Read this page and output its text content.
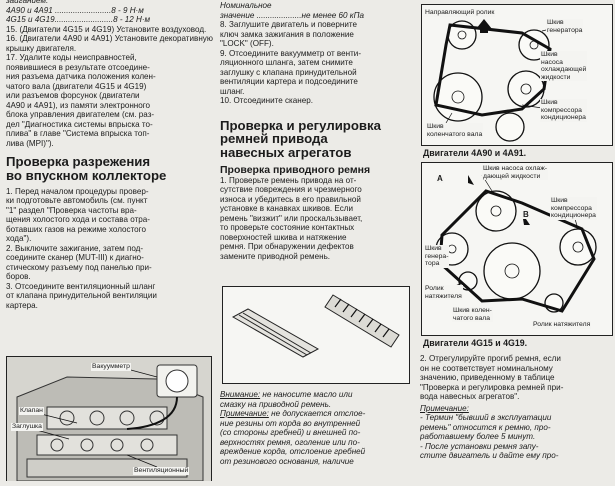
заиганием.
4А90 и 4А91 .........................8 - 9 Н·м
4G15 и 4G19..........................8 - 12 Н·м
15. (Двигатели 4G15 и 4G19) Установите воздуховод.
16. (Двигатели 4А90 и 4А91) Установите декоративную крышку двигателя.
17. Удалите коды неисправностей,
появившиеся в результате отсоедине-
ния разъема датчика положения колен-
чатого вала (двигатели 4G15 и 4G19)
или разъемов форсунок (двигатели
4А90 и 4А91), из памяти электронного
блока управления двигателем (см. раз-
дел "Диагностика системы впрыска то-
плива" в главе "Система впрыска топ-
лива (MPI)").
Проверка разрежения
во впускном коллекторе
1. Перед началом процедуры провер-
ки подготовьте автомобиль (см. пункт
"1" раздел "Проверка частоты вра-
щения холостого хода и состава отра-
ботавших газов на режиме холостого
хода").
2. Выключите зажигание, затем под-
соедините сканер (MUT-III) к диагно-
стическому разъему под панелью при-
боров.
3. Отсоедините вентиляционный шланг
от клапана принудительной вентиляции
картера.
Вакуумметр
Клапан
Заглушка
Вентиляционный
Номинальное
значение ....................не менее 60 кПа
8. Заглушите двигатель и поверните
ключ замка зажигания в положение
"LOCK" (OFF).
9. Отсоедините вакуумметр от венти-
ляционного шланга, затем снимите
заглушку с клапана принудительной
вентиляции картера и подсоедините
шланг.
10. Отсоедините сканер.
Проверка и регулировка
ремней привода
навесных агрегатов
Проверка приводного ремня
1. Проверьте ремень привода на от-
сутствие повреждения и чрезмерного
износа и убедитесь в его правильной
установке в канавках шкивов. Если
ремень "визжит" или проскальзывает,
то проверьте состояние контактных
поверхностей шкива и натяжение
ремня. При обнаружении дефектов
замените приводной ремень.
Внимание: не наносите масло или
смазку на приводной ремень.
Примечание: не допускается отслое-
ние резины от корда во внутренней
(со стороны гребней) и внешней по-
верхностях ремня, оголение или по-
вреждение корда, отслоение гребней
от резинового основания, наличие
Направляющий ролик
Шкив
генератора
Шкив
насоса
охлаждающей
жидкости
Шкив
компрессора
кондиционера
Шкив
коленчатого вала
Двигатели 4А90 и 4А91.
А
В
Шкив насоса охлаж-
дающей жидкости
Шкив
компрессора
кондиционера
Шкив
генера-
тора
Ролик
натяжителя
Шкив колен-
чатого вала
Ролик натяжителя
Двигатели 4G15 и 4G19.
2. Отрегулируйте прогиб ремня, если
он не соответствует номинальному
значению, приведенному в таблице
"Проверка и регулировка ремней при-
вода навесных агрегатов".
Примечание:
- Термин "бывший в эксплуатации
ремень" относится к ремню, про-
работавшему более 5 минут.
- После установки ремня запу-
стите двигатель и дайте ему про-
